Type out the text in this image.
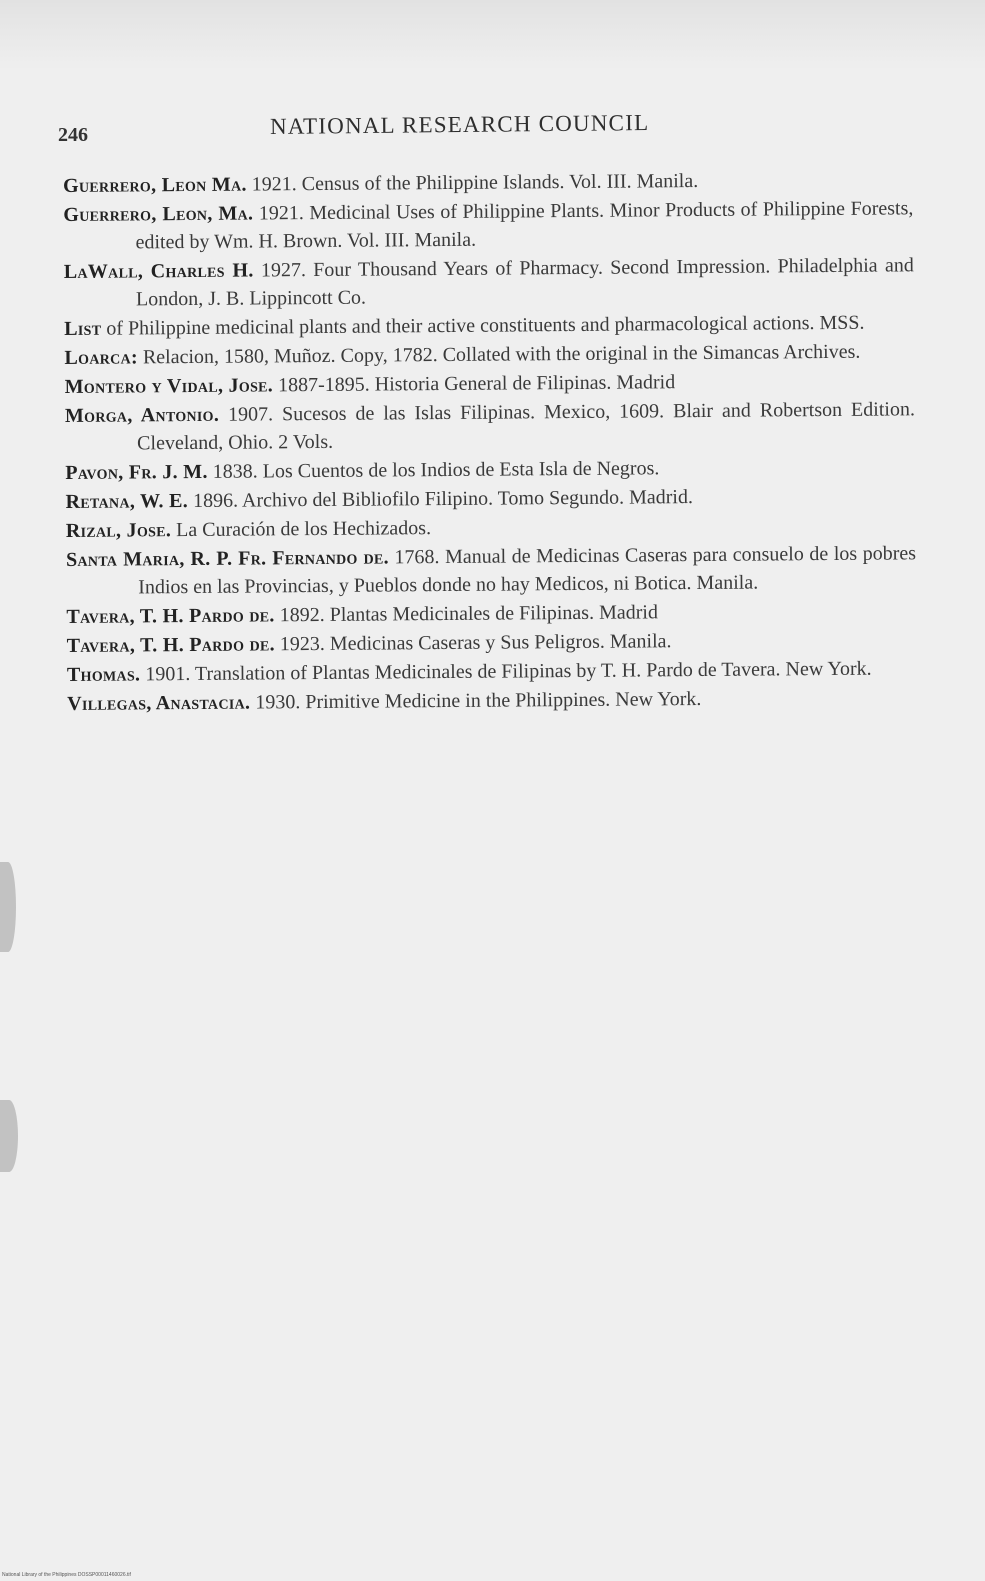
246	NATIONAL RESEARCH COUNCIL
Guerrero, Leon Ma. 1921. Census of the Philippine Islands. Vol. III. Manila.
Guerrero, Leon, Ma. 1921. Medicinal Uses of Philippine Plants. Minor Products of Philippine Forests, edited by Wm. H. Brown. Vol. III. Manila.
LaWall, Charles H. 1927. Four Thousand Years of Pharmacy. Second Impression. Philadelphia and London, J. B. Lippincott Co.
List of Philippine medicinal plants and their active constituents and pharmacological actions. MSS.
Loarca: Relacion, 1580, Muñoz. Copy, 1782. Collated with the original in the Simancas Archives.
Montero y Vidal, Jose. 1887-1895. Historia General de Filipinas. Madrid
Morga, Antonio. 1907. Sucesos de las Islas Filipinas. Mexico, 1609. Blair and Robertson Edition. Cleveland, Ohio. 2 Vols.
Pavon, Fr. J. M. 1838. Los Cuentos de los Indios de Esta Isla de Negros.
Retana, W. E. 1896. Archivo del Bibliofilo Filipino. Tomo Segundo. Madrid.
Rizal, Jose. La Curación de los Hechizados.
Santa Maria, R. P. Fr. Fernando de. 1768. Manual de Medicinas Caseras para consuelo de los pobres Indios en las Provincias, y Pueblos donde no hay Medicos, ni Botica. Manila.
Tavera, T. H. Pardo de. 1892. Plantas Medicinales de Filipinas. Madrid
Tavera, T. H. Pardo de. 1923. Medicinas Caseras y Sus Peligros. Manila.
Thomas. 1901. Translation of Plantas Medicinales de Filipinas by T. H. Pardo de Tavera. New York.
Villegas, Anastacia. 1930. Primitive Medicine in the Philippines. New York.
National Library of the Philippines DOSSP00011460026.tif
